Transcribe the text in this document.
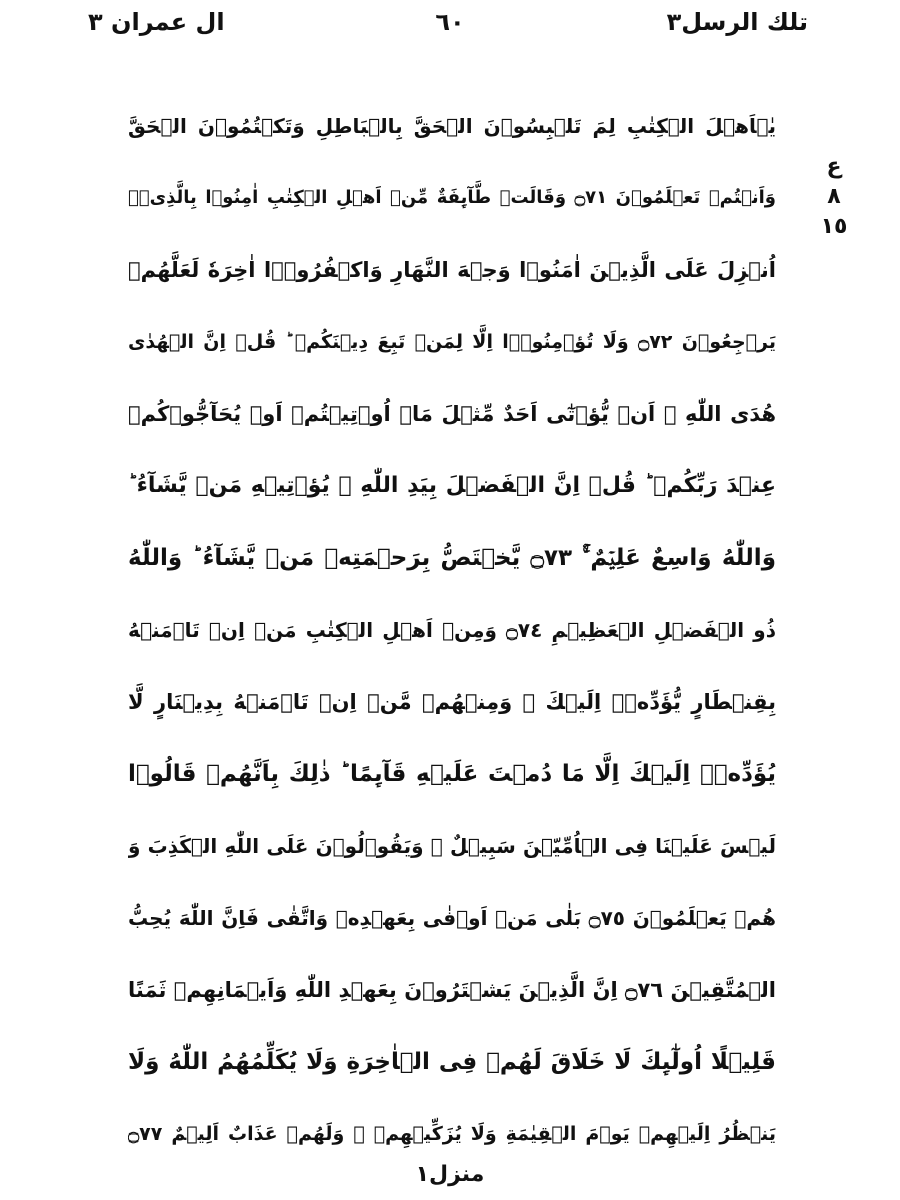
تلك الرسل٣
٦٠
ال عمران ٣
ع
٨
١٥
يٰۤاَهۡلَ الۡكِتٰبِ لِمَ تَلۡبِسُوۡنَ الۡحَقَّ بِالۡبَاطِلِ وَتَكۡتُمُوۡنَ الۡحَقَّ
وَاَنۡتُمۡ تَعۡلَمُوۡنَ ۝٧١ وَقَالَتۡ طَّآٮِٕفَةٌ مِّنۡ اَهۡلِ الۡكِتٰبِ اٰمِنُوۡا بِالَّذِىۡۤ
اُنۡزِلَ عَلَى الَّذِيۡنَ اٰمَنُوۡا وَجۡهَ النَّهَارِ وَاكۡفُرُوۡۤا اٰخِرَهٗ لَعَلَّهُمۡ
يَرۡجِعُوۡنَ ۝٧٢ وَلَا تُؤۡمِنُوۡۤا اِلَّا لِمَنۡ تَبِعَ دِيۡنَكُمۡ ؕ قُلۡ اِنَّ الۡهُدٰى
هُدَى اللّٰهِ ۙ اَنۡ يُّؤۡتٰٓى اَحَدٌ مِّثۡلَ مَاۤ اُوۡتِيۡتُمۡ اَوۡ يُحَآجُّوۡكُمۡ
عِنۡدَ رَبِّكُمۡ ؕ قُلۡ اِنَّ الۡفَضۡلَ بِيَدِ اللّٰهِ ۚ يُؤۡتِيۡهِ مَنۡ يَّشَآءُ ؕ
وَاللّٰهُ وَاسِعٌ عَلِيۡمٌ ۚۙ ۝٧٣ يَّخۡتَصُّ بِرَحۡمَتِهٖ مَنۡ يَّشَآءُ ؕ وَاللّٰهُ
ذُو الۡفَضۡلِ الۡعَظِيۡمِ ۝٧٤ وَمِنۡ اَهۡلِ الۡكِتٰبِ مَنۡ اِنۡ تَاۡمَنۡهُ
بِقِنۡطَارٍ يُّؤَدِّهٖۤ اِلَيۡكَ ۚ وَمِنۡهُمۡ مَّنۡ اِنۡ تَاۡمَنۡهُ بِدِيۡنَارٍ لَّا
يُؤَدِّهٖۤ اِلَيۡكَ اِلَّا مَا دُمۡتَ عَلَيۡهِ قَآٮِٕمًا ؕ ذٰلِكَ بِاَنَّهُمۡ قَالُوۡا
لَيۡسَ عَلَيۡنَا فِى الۡاُمِّيّٖنَ سَبِيۡلٌ ۚ وَيَقُوۡلُوۡنَ عَلَى اللّٰهِ الۡكَذِبَ وَ
هُمۡ يَعۡلَمُوۡنَ ۝٧٥ بَلٰى مَنۡ اَوۡفٰى بِعَهۡدِهٖ وَاتَّقٰى فَاِنَّ اللّٰهَ يُحِبُّ
الۡمُتَّقِيۡنَ ۝٧٦ اِنَّ الَّذِيۡنَ يَشۡتَرُوۡنَ بِعَهۡدِ اللّٰهِ وَاَيۡمَانِهِمۡ ثَمَنًا
قَلِيۡلًا اُولٰٓٮِٕكَ لَا خَلَاقَ لَهُمۡ فِى الۡاٰخِرَةِ وَلَا يُكَلِّمُهُمُ اللّٰهُ وَلَا
يَنۡظُرُ اِلَيۡهِمۡ يَوۡمَ الۡقِيٰمَةِ وَلَا يُزَكِّيۡهِمۡ ۖ وَلَهُمۡ عَذَابٌ اَلِيۡمٌ ۝٧٧
منزل١
